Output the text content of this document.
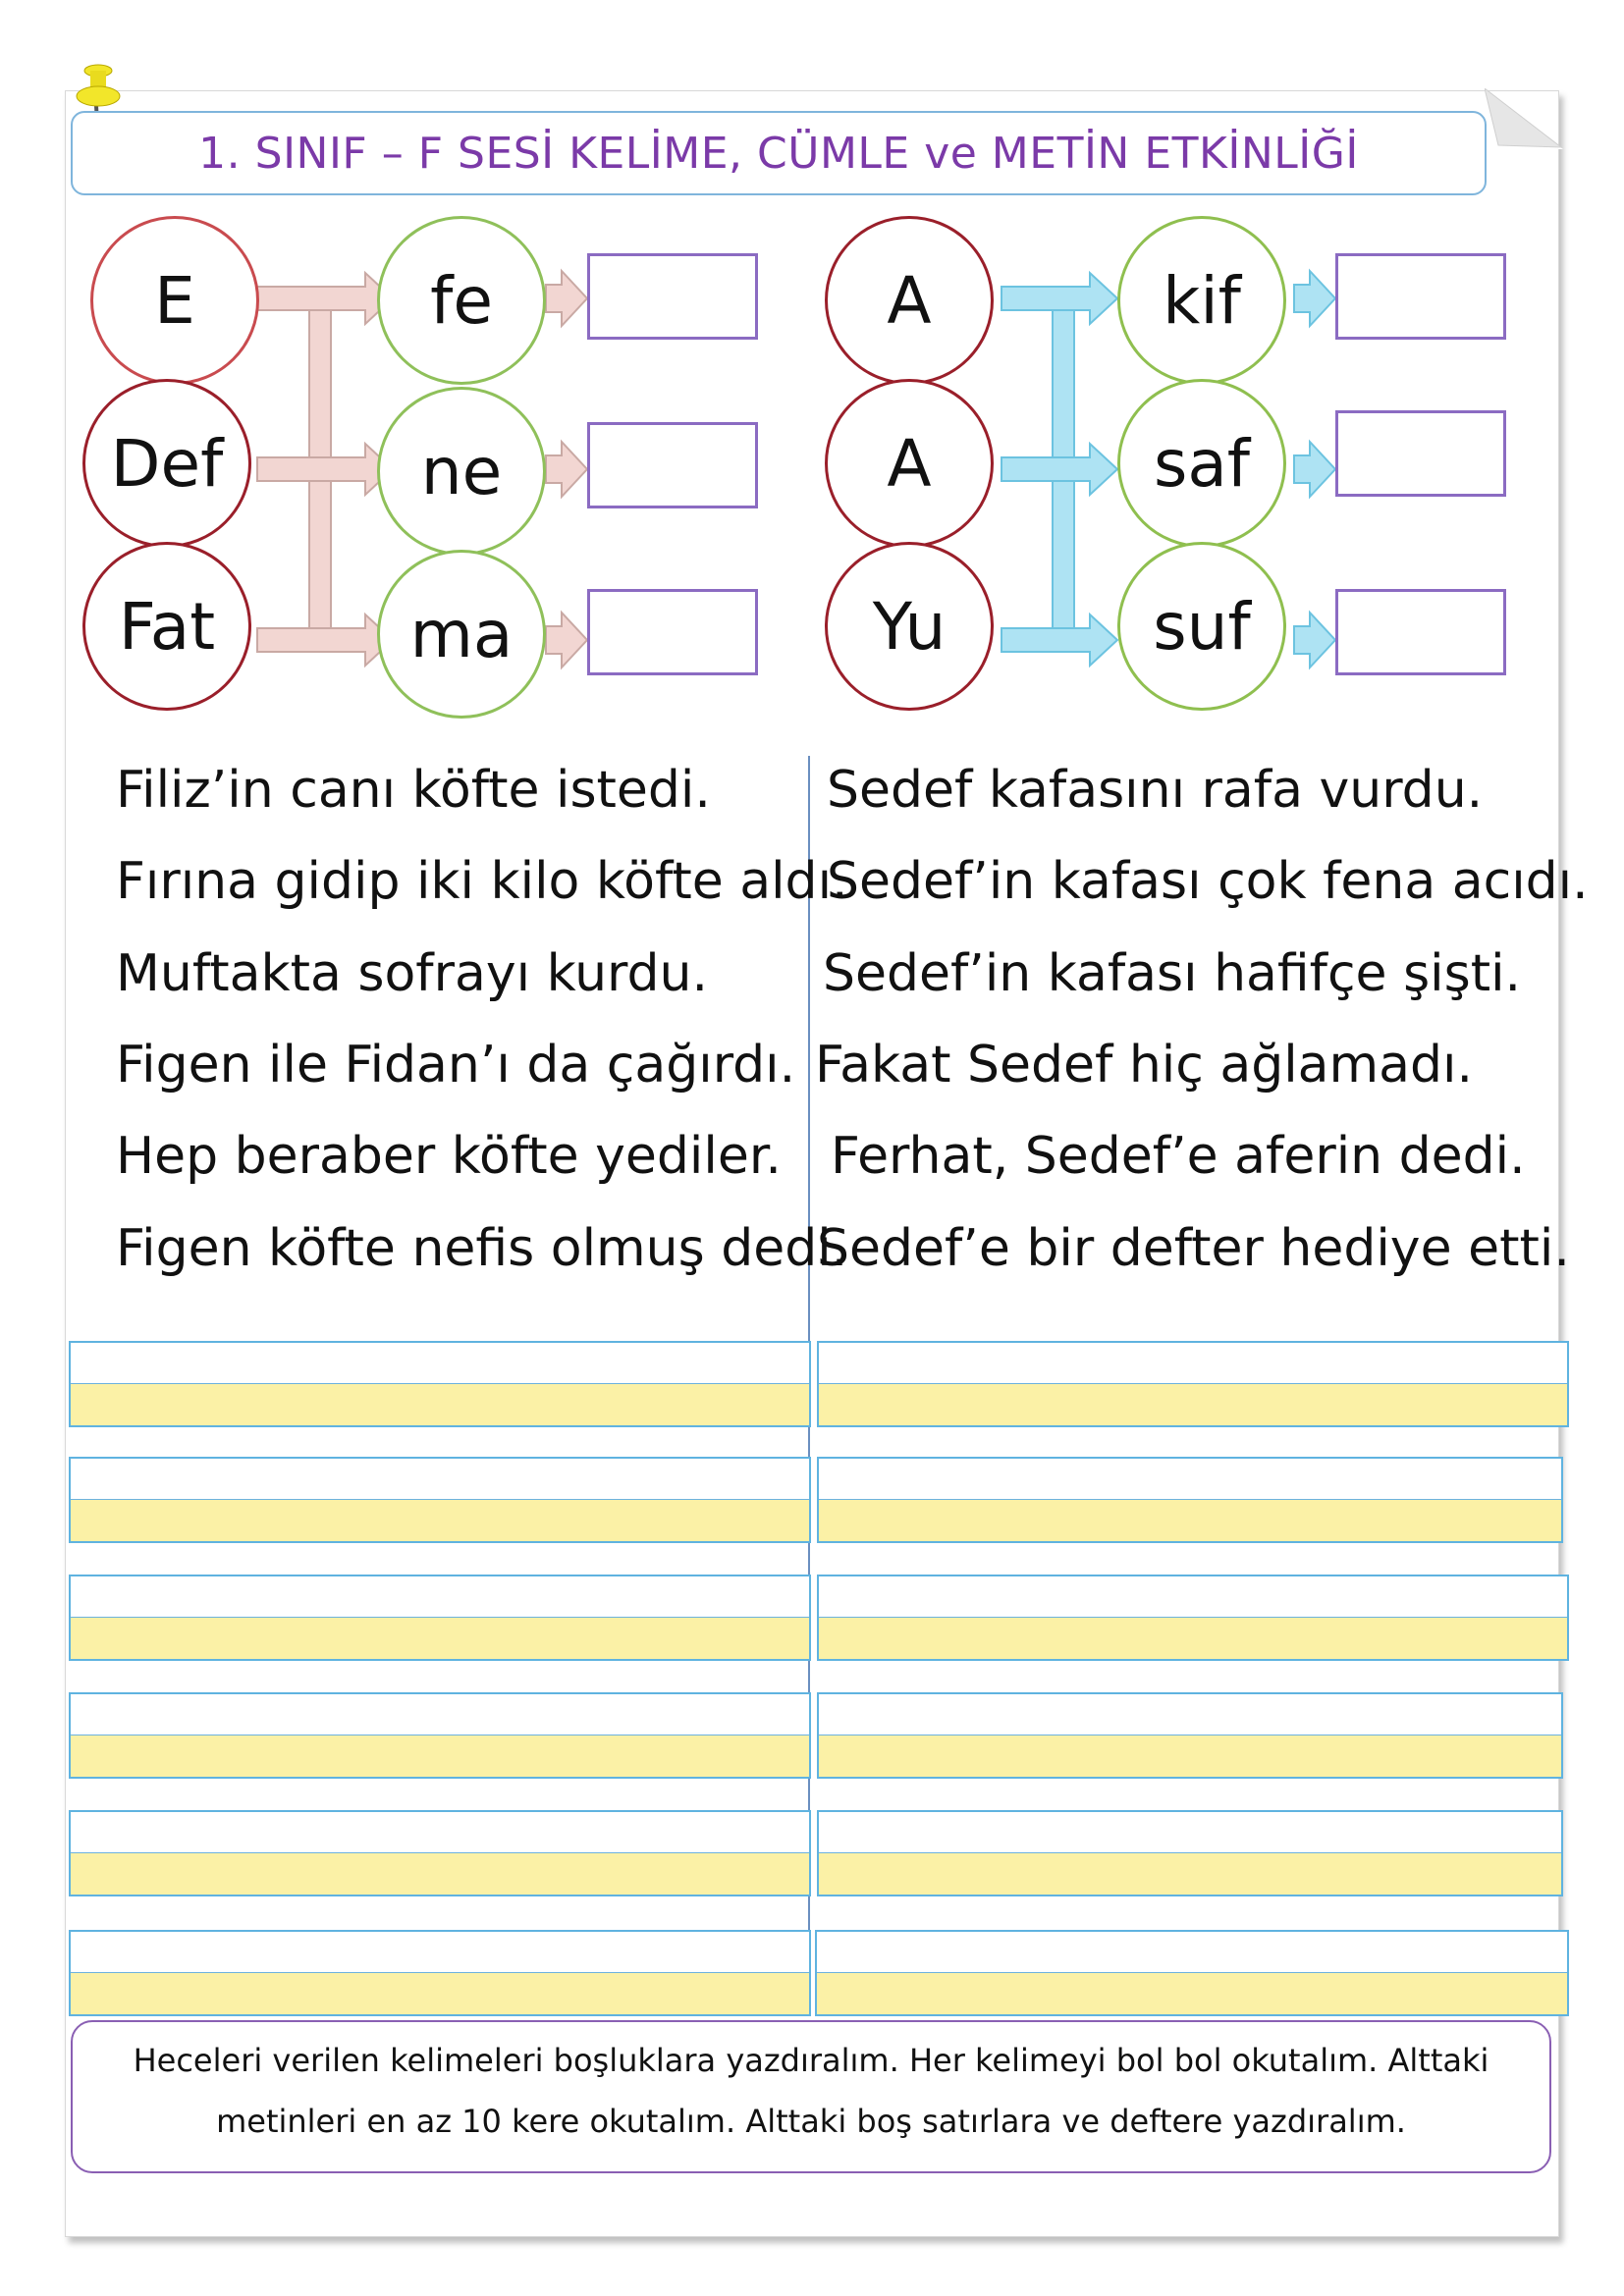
1. SINIF – F SESİ KELİME, CÜMLE ve METİN ETKİNLİĞİ
E
Def
Fat
fe
ne
ma
A
A
Yu
kif
saf
suf
Filiz’in canı köfte istedi.
Fırına gidip iki kilo köfte aldı.
Muftakta sofrayı kurdu.
Figen ile Fidan’ı da çağırdı.
Hep beraber köfte yediler.
Figen köfte nefis olmuş dedi.
Sedef kafasını rafa vurdu.
Sedef’in kafası çok fena acıdı.
Sedef’in kafası hafifçe şişti.
Fakat Sedef hiç ağlamadı.
Ferhat, Sedef’e aferin dedi.
Sedef’e bir defter hediye etti.
Heceleri verilen kelimeleri boşluklara yazdıralım. Her kelimeyi bol bol okutalım. Alttaki
metinleri en az 10 kere okutalım. Alttaki boş satırlara ve deftere yazdıralım.
